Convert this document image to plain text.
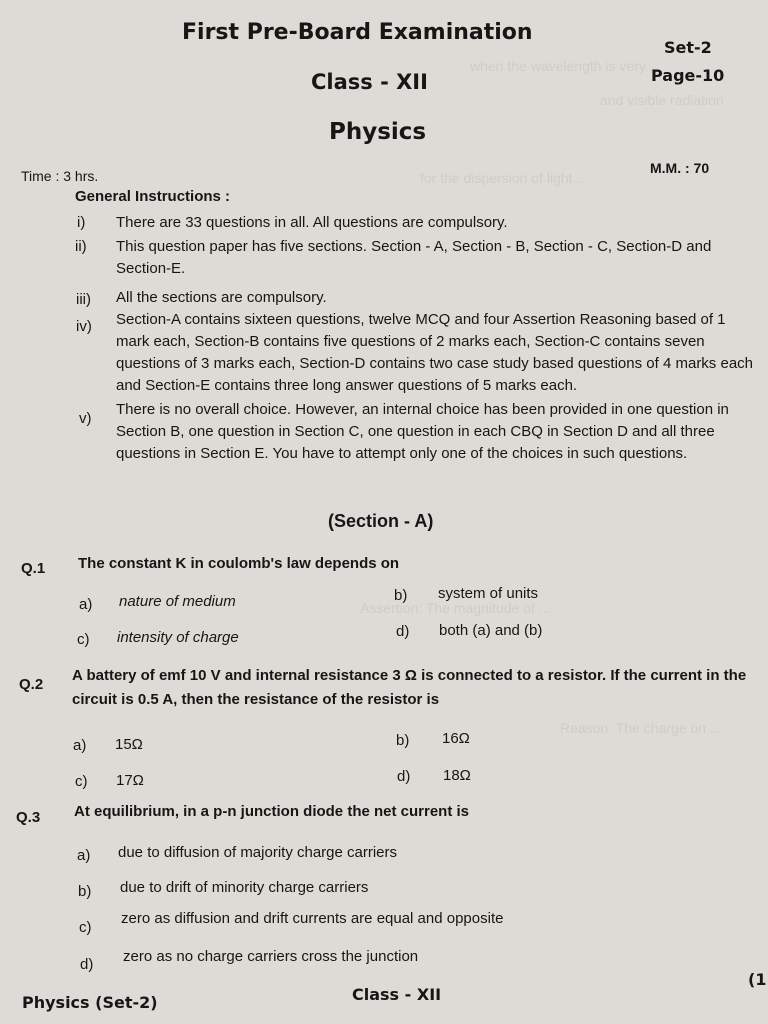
when the wavelength is very ...
and visible radiation
for the dispersion of light ...
Assertion: The magnitude of ...
Reason: The charge on ...
First Pre-Board Examination
Set-2
Class - XII	Page-10
Physics
Time : 3 hrs.	M.M. : 70
General Instructions :
i) There are 33 questions in all. All questions are compulsory.
ii) This question paper has five sections. Section - A, Section - B, Section - C, Section-D and Section-E.
iii) All the sections are compulsory.
iv) Section-A contains sixteen questions, twelve MCQ and four Assertion Reasoning based of 1 mark each, Section-B contains five questions of 2 marks each, Section-C contains seven questions of 3 marks each, Section-D contains two case study based questions of 4 marks each and Section-E contains three long answer questions of 5 marks each.
v)
There is no overall choice. However, an internal choice has been provided in one question in Section B, one question in Section C, one question in each CBQ in Section D and all three questions in Section E. You have to attempt only one of the choices in such questions.
(Section - A)
Q.1 The constant K in coulomb's law depends on
a) nature of medium	b) system of units
c) intensity of charge	d) both (a) and (b)
Q.2
A battery of emf 10 V and internal resistance 3 Ω is connected to a resistor. If the current in the circuit is 0.5 A, then the resistance of the resistor is
a) 15Ω	b) 16Ω
c) 17Ω	d) 18Ω
Q.3 At equilibrium, in a p-n junction diode the net current is
a) due to diffusion of majority charge carriers
b) due to drift of minority charge carriers
c)
zero as diffusion and drift currents are equal and opposite
d) zero as no charge carriers cross the junction
Physics (Set-2)	Class - XII
(1
